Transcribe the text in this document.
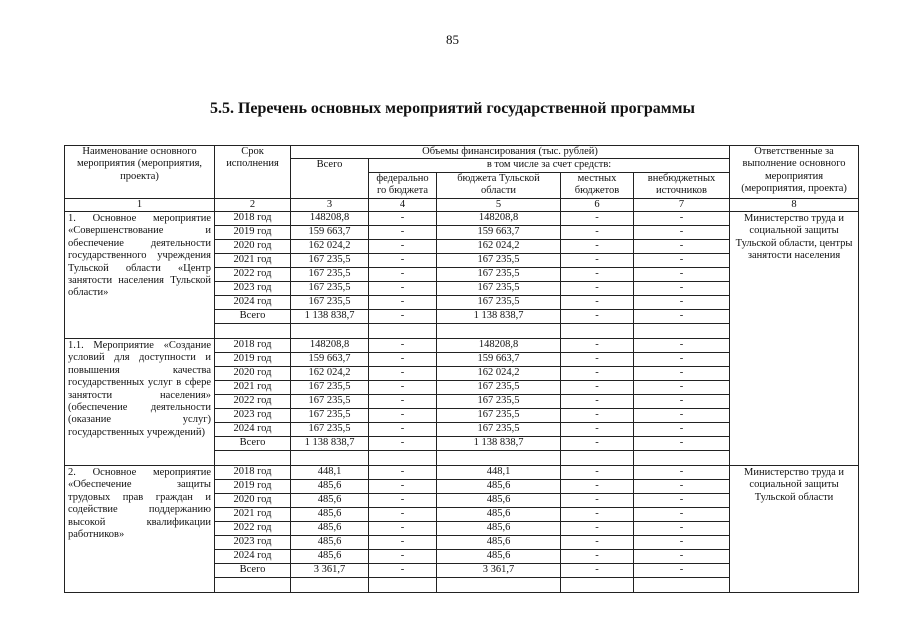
85
5.5. Перечень основных мероприятий государственной программы
Наименование основного мероприятия (мероприятия, проекта)	Срок исполнения	Объемы финансирования (тыс. рублей)					Ответственные за выполнение основного мероприятия (мероприятия, проекта)
		Всего	в том числе за счет средств:				
			федерально го бюджета	бюджета Тульской области	местных бюджетов	внебюджетных источников	
1	2	3	4	5	6	7	8
1. Основное мероприятие «Совершенствование и обеспечение деятельности государственного учреждения Тульской области «Центр занятости населения Тульской области»	2018 год	148208,8	-	148208,8	-	-	Министерство труда и социальной защиты Тульской области, центры занятости населения
	2019 год	159 663,7	-	159 663,7	-	-	
	2020 год	162 024,2	-	162 024,2	-	-	
	2021 год	167 235,5	-	167 235,5	-	-	
	2022 год	167 235,5	-	167 235,5	-	-	
	2023 год	167 235,5	-	167 235,5	-	-	
	2024 год	167 235,5	-	167 235,5	-	-	
	Всего	1 138 838,7	-	1 138 838,7	-	-	

1.1. Мероприятие «Создание условий для доступности и повышения качества государственных услуг в сфере занятости населения» (обеспечение деятельности (оказание услуг) государственных учреждений)	2018 год	148208,8	-	148208,8	-	-	
	2019 год	159 663,7	-	159 663,7	-	-	
	2020 год	162 024,2	-	162 024,2	-	-	
	2021 год	167 235,5	-	167 235,5	-	-	
	2022 год	167 235,5	-	167 235,5	-	-	
	2023 год	167 235,5	-	167 235,5	-	-	
	2024 год	167 235,5	-	167 235,5	-	-	
	Всего	1 138 838,7	-	1 138 838,7	-	-	

2. Основное мероприятие «Обеспечение защиты трудовых прав граждан и содействие поддержанию высокой квалификации работников»	2018 год	448,1	-	448,1	-	-	Министерство труда и социальной защиты Тульской области
	2019 год	485,6	-	485,6	-	-	
	2020 год	485,6	-	485,6	-	-	
	2021 год	485,6	-	485,6	-	-	
	2022 год	485,6	-	485,6	-	-	
	2023 год	485,6	-	485,6	-	-	
	2024 год	485,6	-	485,6	-	-	
	Всего	3 361,7	-	3 361,7	-	-	
